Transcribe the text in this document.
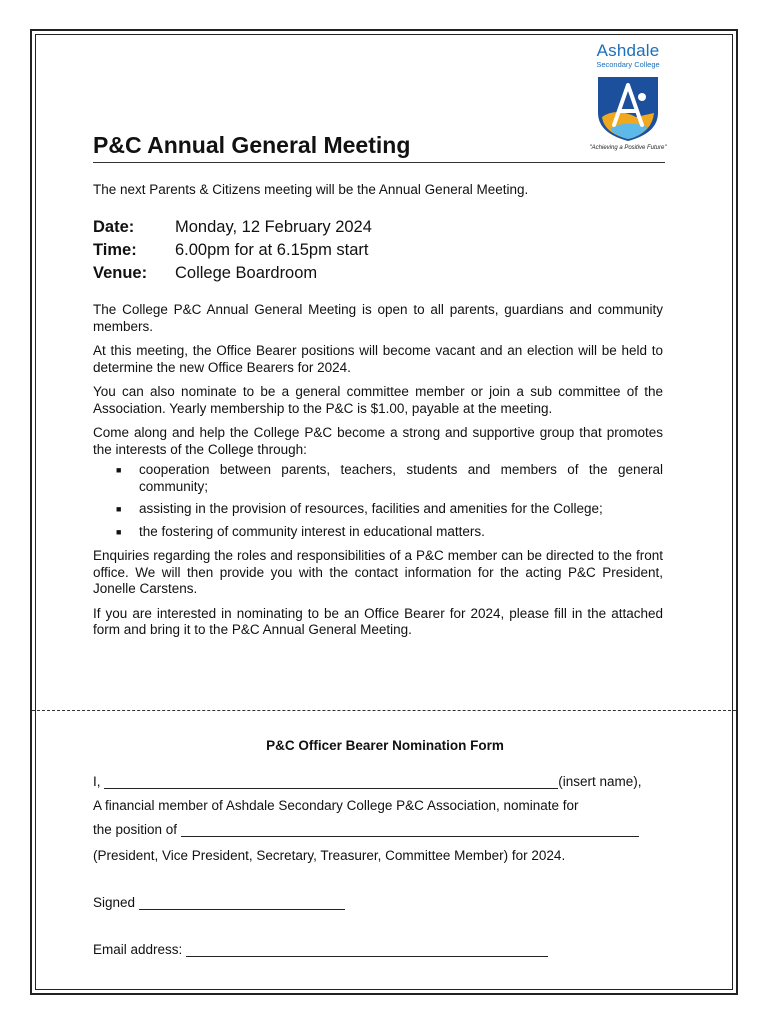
Ashdale
Secondary College
"Achieving a Positive Future"
P&C Annual General Meeting

The next Parents & Citizens meeting will be the Annual General Meeting.

Date:	Monday, 12 February 2024
Time:	6.00pm for at 6.15pm start
Venue:	College Boardroom

The College P&C Annual General Meeting is open to all parents, guardians and community members.

At this meeting, the Office Bearer positions will become vacant and an election will be held to determine the new Office Bearers for 2024.

You can also nominate to be a general committee member or join a sub committee of the Association. Yearly membership to the P&C is $1.00, payable at the meeting.

Come along and help the College P&C become a strong and supportive group that promotes the interests of the College through:

■ cooperation between parents, teachers, students and members of the general community;
■ assisting in the provision of resources, facilities and amenities for the College;
■ the fostering of community interest in educational matters.

Enquiries regarding the roles and responsibilities of a P&C member can be directed to the front office. We will then provide you with the contact information for the acting P&C President, Jonelle Carstens.

If you are interested in nominating to be an Office Bearer for 2024, please fill in the attached form and bring it to the P&C Annual General Meeting.

P&C Officer Bearer Nomination Form
I,	(insert name),
A financial member of Ashdale Secondary College P&C Association, nominate for
the position of
(President, Vice President, Secretary, Treasurer, Committee Member) for 2024.
Signed
Email address:
